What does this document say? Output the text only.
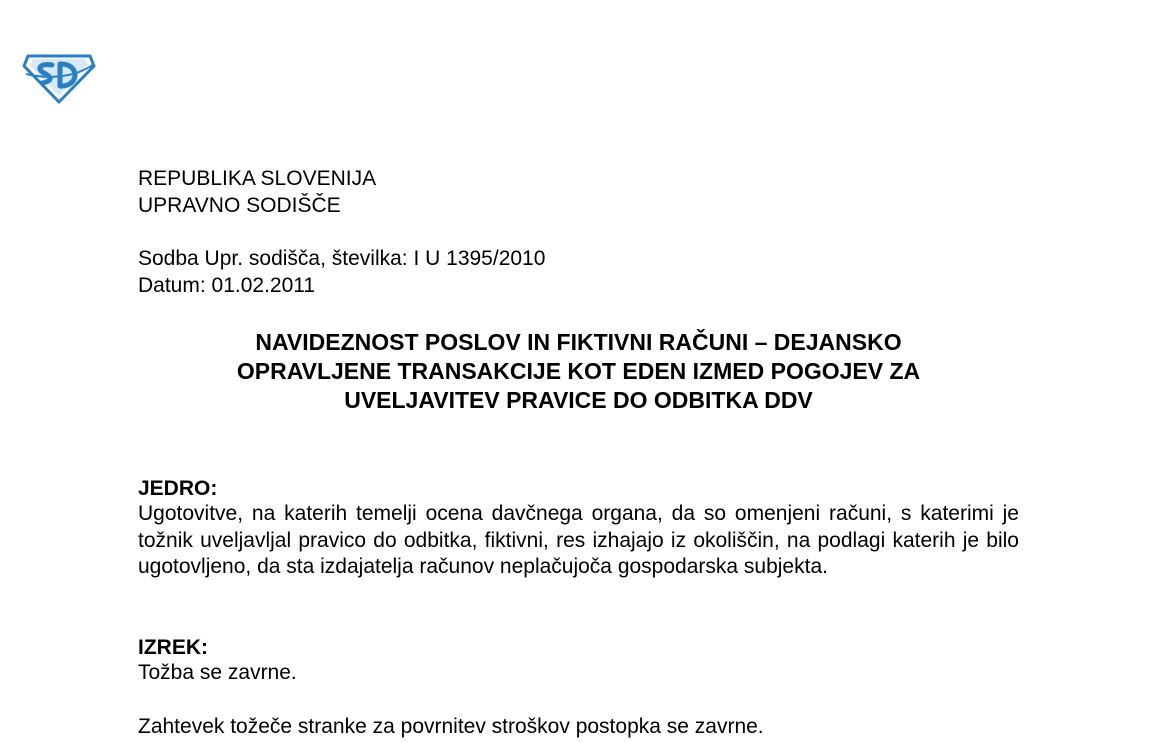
REPUBLIKA SLOVENIJA
UPRAVNO SODIŠČE
Sodba Upr. sodišča, številka: I U 1395/2010
Datum: 01.02.2011
NAVIDEZNOST POSLOV IN FIKTIVNI RAČUNI – DEJANSKO
OPRAVLJENE TRANSAKCIJE KOT EDEN IZMED POGOJEV ZA
UVELJAVITEV PRAVICE DO ODBITKA DDV
JEDRO:
Ugotovitve, na katerih temelji ocena davčnega organa, da so omenjeni računi, s katerimi je tožnik uveljavljal pravico do odbitka, fiktivni, res izhajajo iz okoliščin, na podlagi katerih je bilo ugotovljeno, da sta izdajatelja računov neplačujoča gospodarska subjekta.
IZREK:
Tožba se zavrne.
Zahtevek tožeče stranke za povrnitev stroškov postopka se zavrne.
